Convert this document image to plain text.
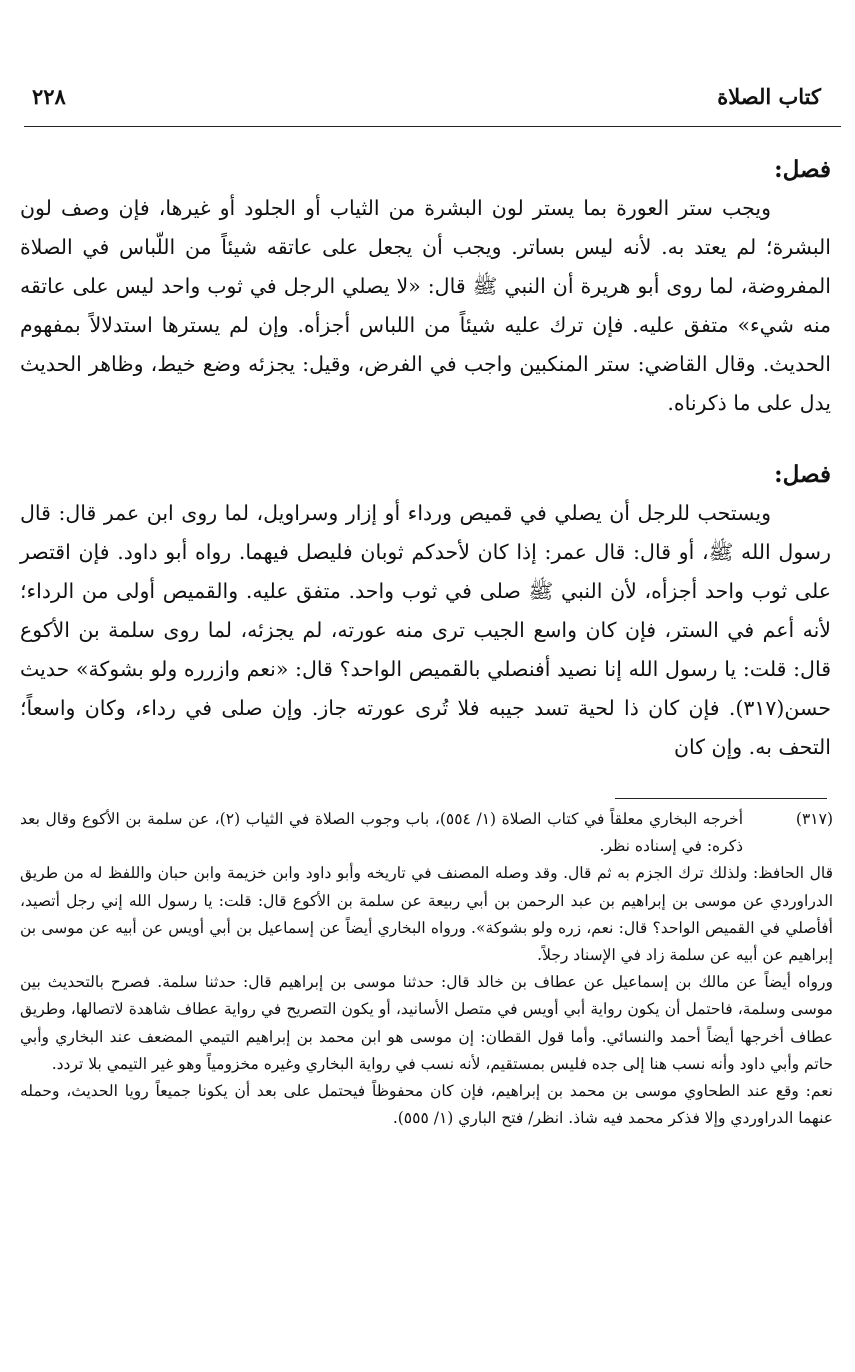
كتاب الصلاة
٢٢٨
فصل:

ويجب ستر العورة بما يستر لون البشرة من الثياب أو الجلود أو غيرها، فإن وصف لون البشرة؛ لم يعتد به. لأنه ليس بساتر. ويجب أن يجعل على عاتقه شيئاً من اللّباس في الصلاة المفروضة، لما روى أبو هريرة أن النبي ﷺ قال: «لا يصلي الرجل في ثوب واحد ليس على عاتقه منه شيء» متفق عليه. فإن ترك عليه شيئاً من اللباس أجزأه. وإن لم يسترها استدلالاً بمفهوم الحديث. وقال القاضي: ستر المنكبين واجب في الفرض، وقيل: يجزئه وضع خيط، وظاهر الحديث يدل على ما ذكرناه.

فصل:

ويستحب للرجل أن يصلي في قميص ورداء أو إزار وسراويل، لما روى ابن عمر قال: قال رسول الله ﷺ، أو قال: قال عمر: إذا كان لأحدكم ثوبان فليصل فيهما. رواه أبو داود. فإن اقتصر على ثوب واحد أجزأه، لأن النبي ﷺ صلى في ثوب واحد. متفق عليه. والقميص أولى من الرداء؛ لأنه أعم في الستر، فإن كان واسع الجيب ترى منه عورته، لم يجزئه، لما روى سلمة بن الأكوع قال: قلت: يا رسول الله إنا نصيد أفنصلي بالقميص الواحد؟ قال: «نعم وازرره ولو بشوكة» حديث حسن(٣١٧). فإن كان ذا لحية تسد جيبه فلا تُرى عورته جاز. وإن صلى في رداء، وكان واسعاً؛ التحف به. وإن كان

(٣١٧)
أخرجه البخاري معلقاً في كتاب الصلاة (١/ ٥٥٤)، باب وجوب الصلاة في الثياب (٢)، عن سلمة بن الأكوع وقال بعد ذكره: في إسناده نظر.

قال الحافظ: ولذلك ترك الجزم به ثم قال. وقد وصله المصنف في تاريخه وأبو داود وابن خزيمة وابن حبان واللفظ له من طريق الدراوردي عن موسى بن إبراهيم بن عبد الرحمن بن أبي ربيعة عن سلمة بن الأكوع قال: قلت: يا رسول الله إني رجل أتصيد، أفأصلي في القميص الواحد؟ قال: نعم، زره ولو بشوكة». ورواه البخاري أيضاً عن إسماعيل بن أبي أويس عن أبيه عن موسى بن إبراهيم عن أبيه عن سلمة زاد في الإسناد رجلاً.

ورواه أيضاً عن مالك بن إسماعيل عن عطاف بن خالد قال: حدثنا موسى بن إبراهيم قال: حدثنا سلمة. فصرح بالتحديث بين موسى وسلمة، فاحتمل أن يكون رواية أبي أويس في متصل الأسانيد، أو يكون التصريح في رواية عطاف شاهدة لاتصالها، وطريق عطاف أخرجها أيضاً أحمد والنسائي. وأما قول القطان: إن موسى هو ابن محمد بن إبراهيم التيمي المضعف عند البخاري وأبي حاتم وأبي داود وأنه نسب هنا إلى جده فليس بمستقيم، لأنه نسب في رواية البخاري وغيره مخزومياً وهو غير التيمي بلا تردد.

نعم: وقع عند الطحاوي موسى بن محمد بن إبراهيم، فإن كان محفوظاً فيحتمل على بعد أن يكونا جميعاً رويا الحديث، وحمله عنهما الدراوردي وإلا فذكر محمد فيه شاذ. انظر/ فتح الباري (١/ ٥٥٥).
